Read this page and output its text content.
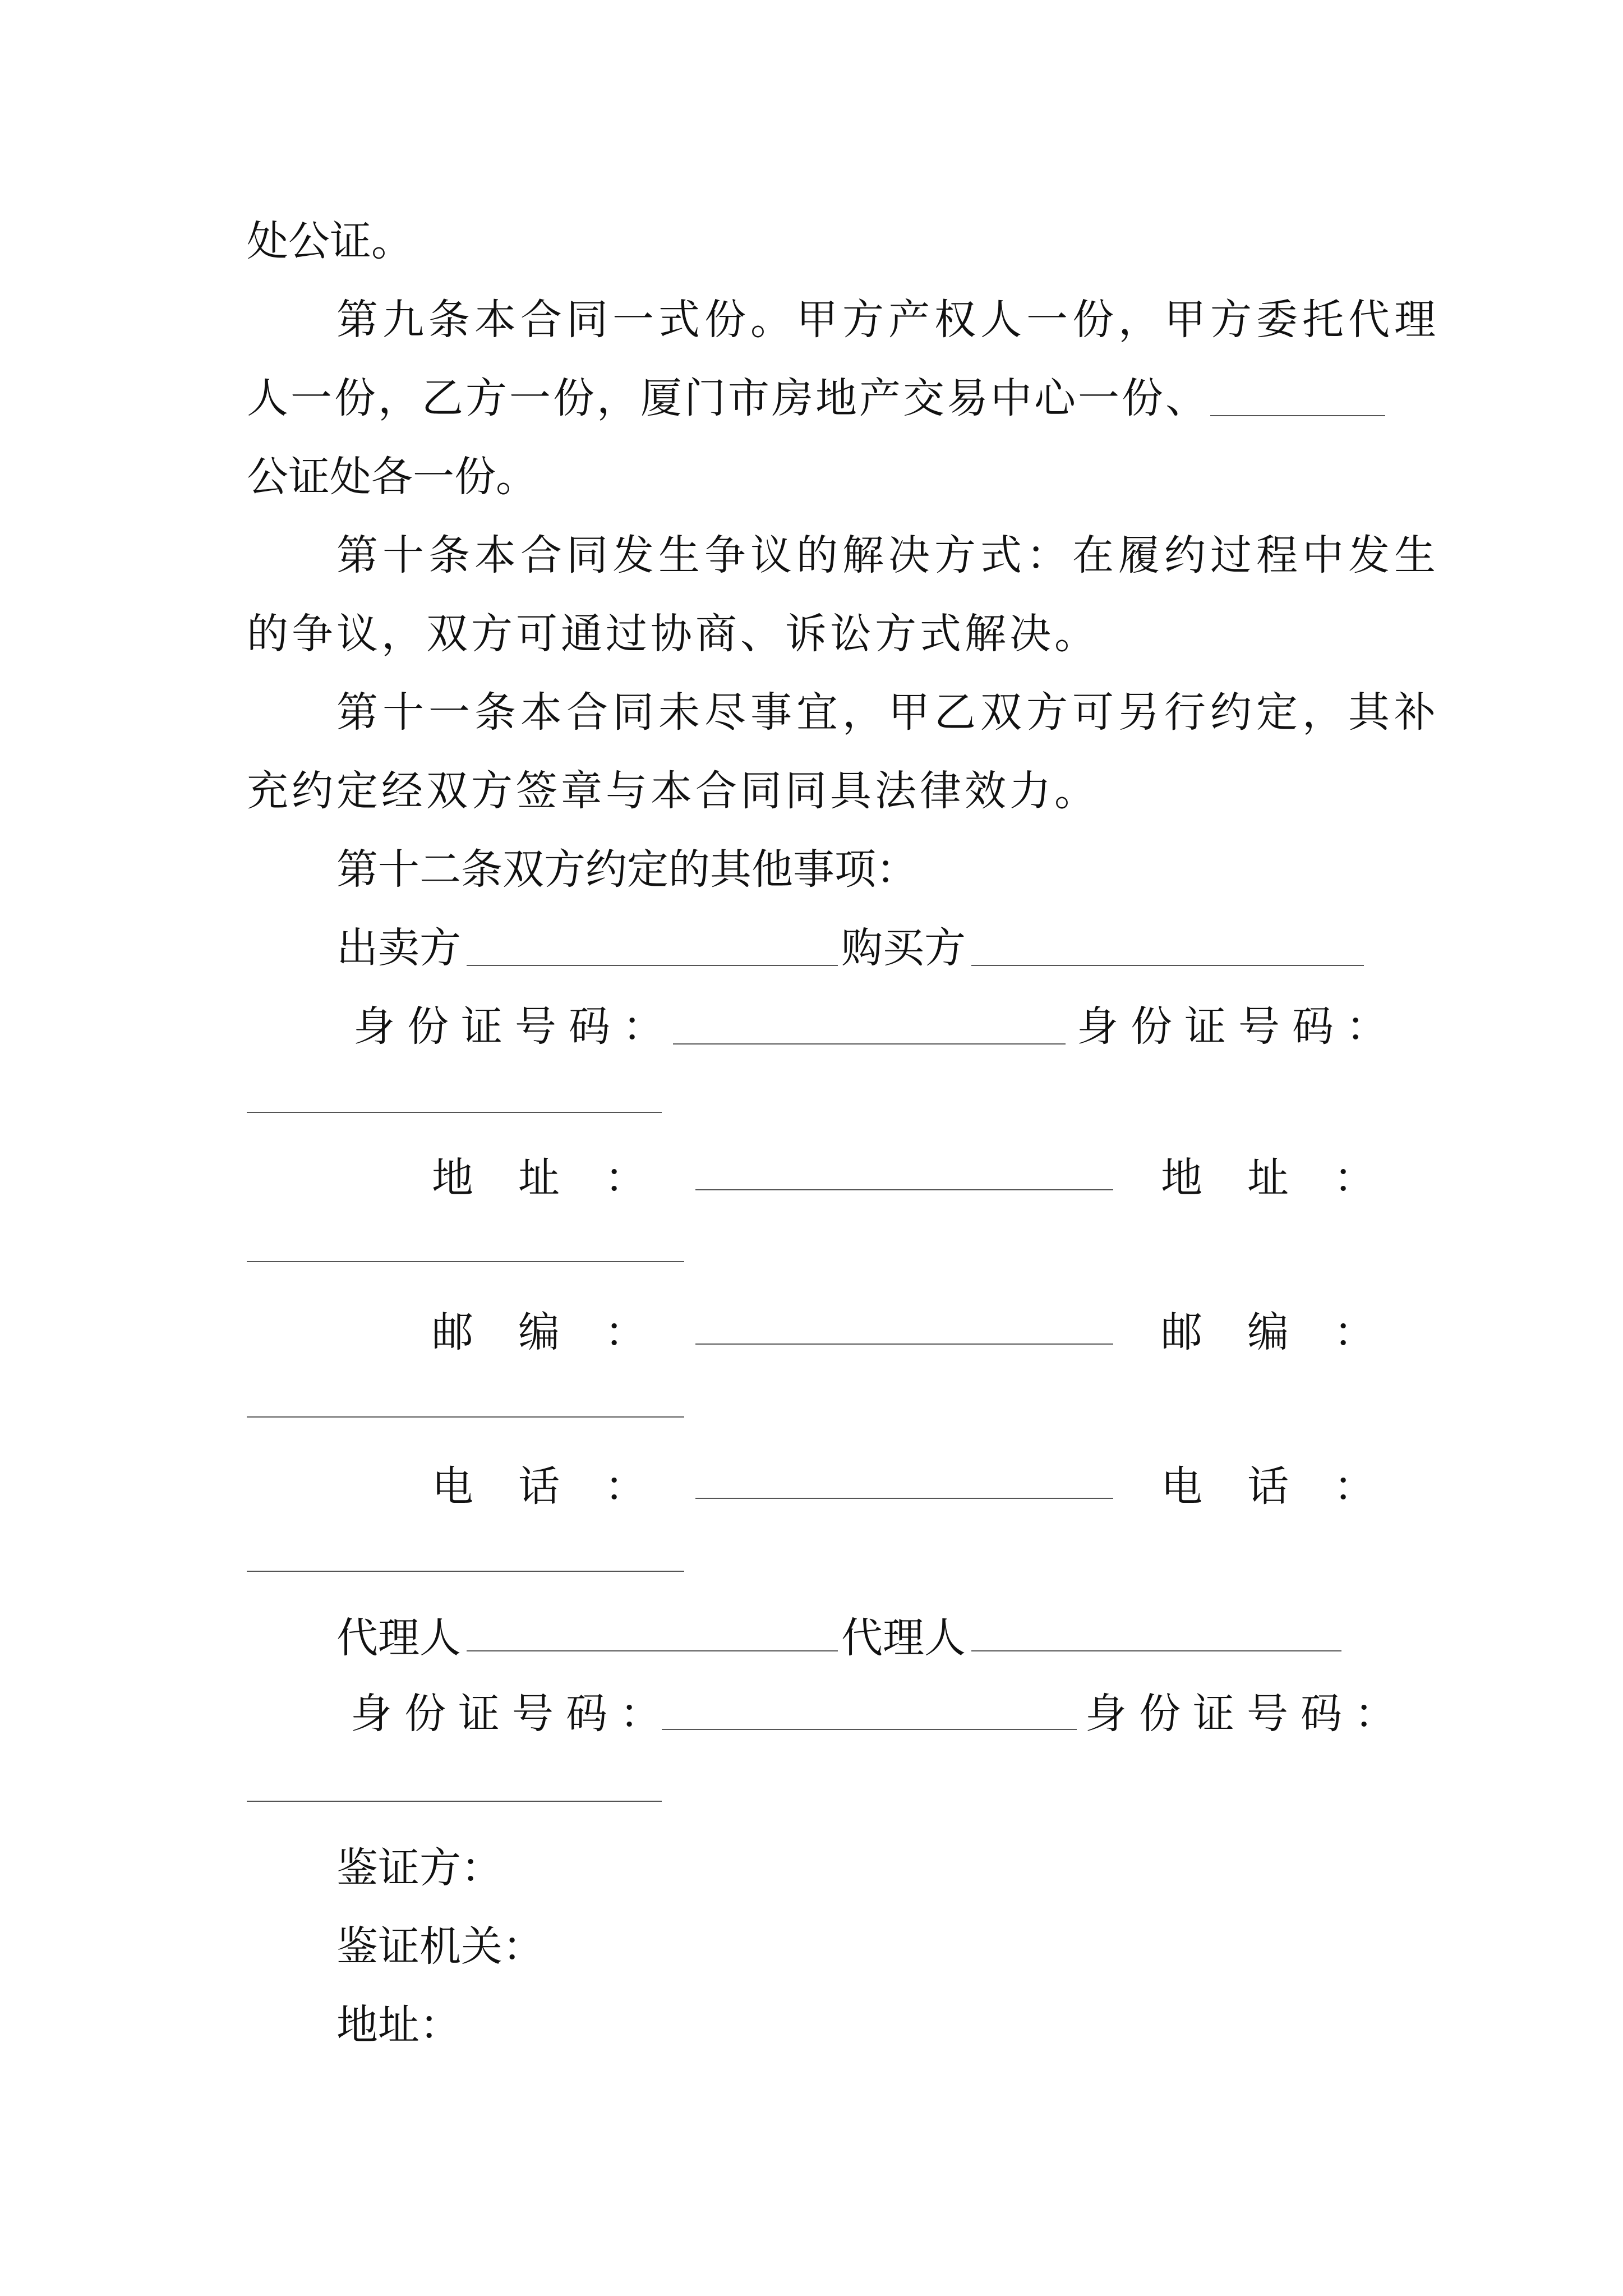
处公证。
第九条本合同一式份。甲方产权人一份，甲方委托代理
人一份，乙方一份，厦门市房地产交易中心一份、
公证处各一份。
第十条本合同发生争议的解决方式：在履约过程中发生
的争议，双方可通过协商、诉讼方式解决。
第十一条本合同未尽事宜，甲乙双方可另行约定，其补
充约定经双方签章与本合同同具法律效力。
第十二条双方约定的其他事项：
出卖方	购买方
身份证号码：	身份证号码：
地址：	地址：
邮编：	邮编：
电话：	电话：
代理人	代理人
身份证号码：	身份证号码：
鉴证方：
鉴证机关：
地址：
